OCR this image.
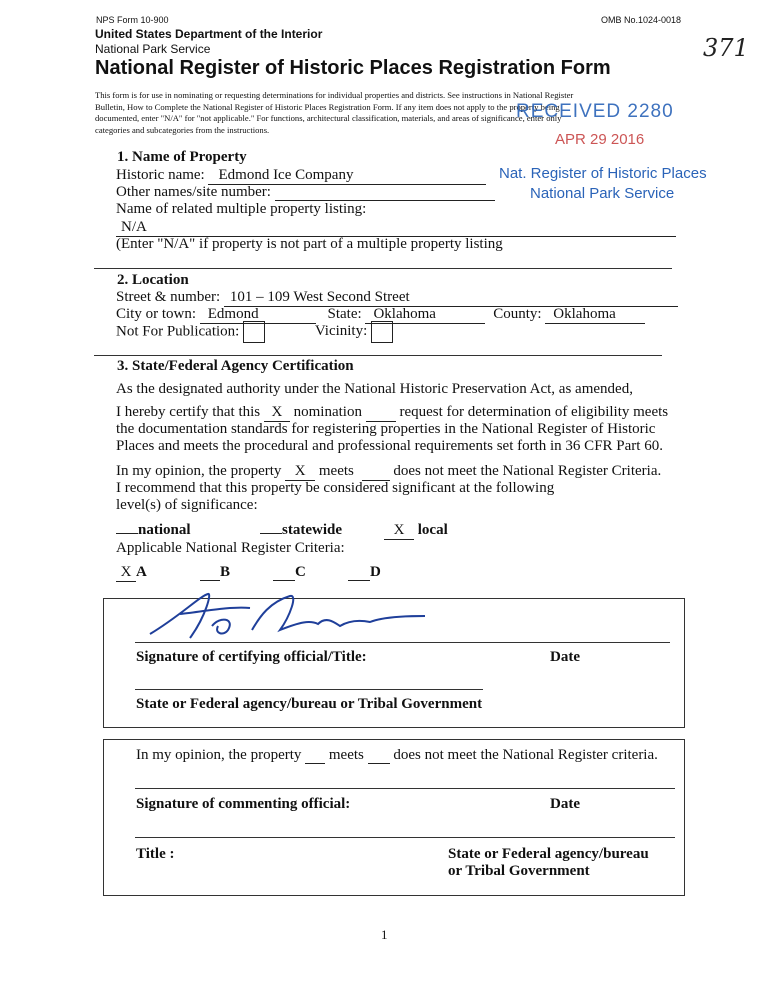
NPS Form 10-900	OMB No.1024-0018
371
United States Department of the Interior
National Park Service
National Register of Historic Places Registration Form
This form is for use in nominating or requesting determinations for individual properties and districts. See instructions in National Register
Bulletin, How to Complete the National Register of Historic Places Registration Form. If any item does not apply to the property being
documented, enter "N/A" for "not applicable." For functions, architectural classification, materials, and areas of significance, enter only
categories and subcategories from the instructions.
RECEIVED 2280
APR 29 2016
Nat. Register of Historic Places
National Park Service
1. Name of Property
Historic name: Edmond Ice Company
Other names/site number:
Name of related multiple property listing:
N/A
(Enter "N/A" if property is not part of a multiple property listing
2. Location
Street & number: 101 – 109 West Second Street
City or town: Edmond	State: Oklahoma	County: Oklahoma
Not For Publication:	Vicinity:
3. State/Federal Agency Certification
As the designated authority under the National Historic Preservation Act, as amended,
I hereby certify that this X nomination	request for determination of eligibility meets
the documentation standards for registering properties in the National Register of Historic
Places and meets the procedural and professional requirements set forth in 36 CFR Part 60.
In my opinion, the property X meets	does not meet the National Register Criteria.
I recommend that this property be considered significant at the following
level(s) of significance:
national	statewide	X local
Applicable National Register Criteria:
X A	B	C	D
Signature of certifying official/Title:	Date
State or Federal agency/bureau or Tribal Government
In my opinion, the property meets does not meet the National Register criteria.
Signature of commenting official:	Date
Title :	State or Federal agency/bureau
or Tribal Government
1
